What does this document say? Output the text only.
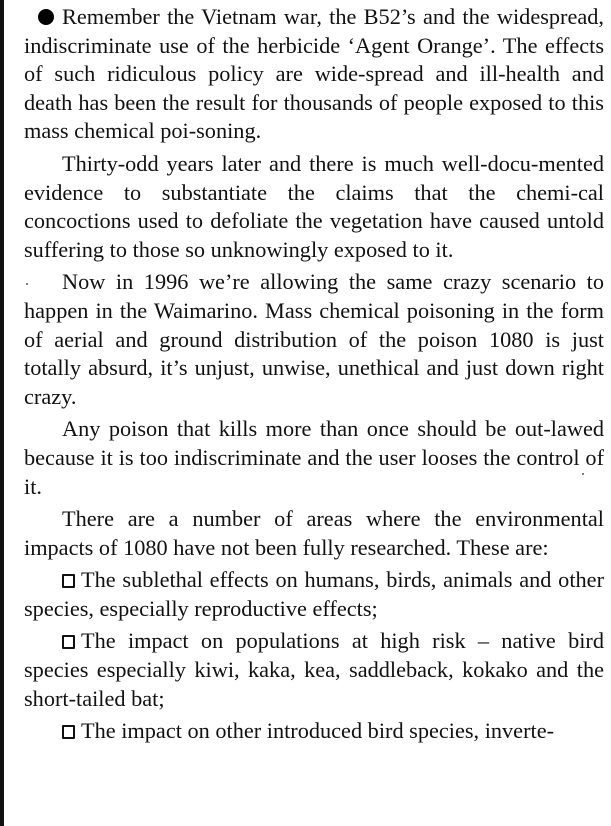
Remember the Vietnam war, the B52’s and the widespread, indiscriminate use of the herbicide ‘Agent Orange’. The effects of such ridiculous policy are wide-spread and ill-health and death has been the result for thousands of people exposed to this mass chemical poi-soning.

Thirty-odd years later and there is much well-docu-mented evidence to substantiate the claims that the chemi-cal concoctions used to defoliate the vegetation have caused untold suffering to those so unknowingly exposed to it.

Now in 1996 we’re allowing the same crazy scenario to happen in the Waimarino. Mass chemical poisoning in the form of aerial and ground distribution of the poison 1080 is just totally absurd, it’s unjust, unwise, unethical and just down right crazy.

Any poison that kills more than once should be out-lawed because it is too indiscriminate and the user looses the control of it.

There are a number of areas where the environmental impacts of 1080 have not been fully researched. These are:

The sublethal effects on humans, birds, animals and other species, especially reproductive effects;

The impact on populations at high risk – native bird species especially kiwi, kaka, kea, saddleback, kokako and the short-tailed bat;

The impact on other introduced bird species, inverte-
